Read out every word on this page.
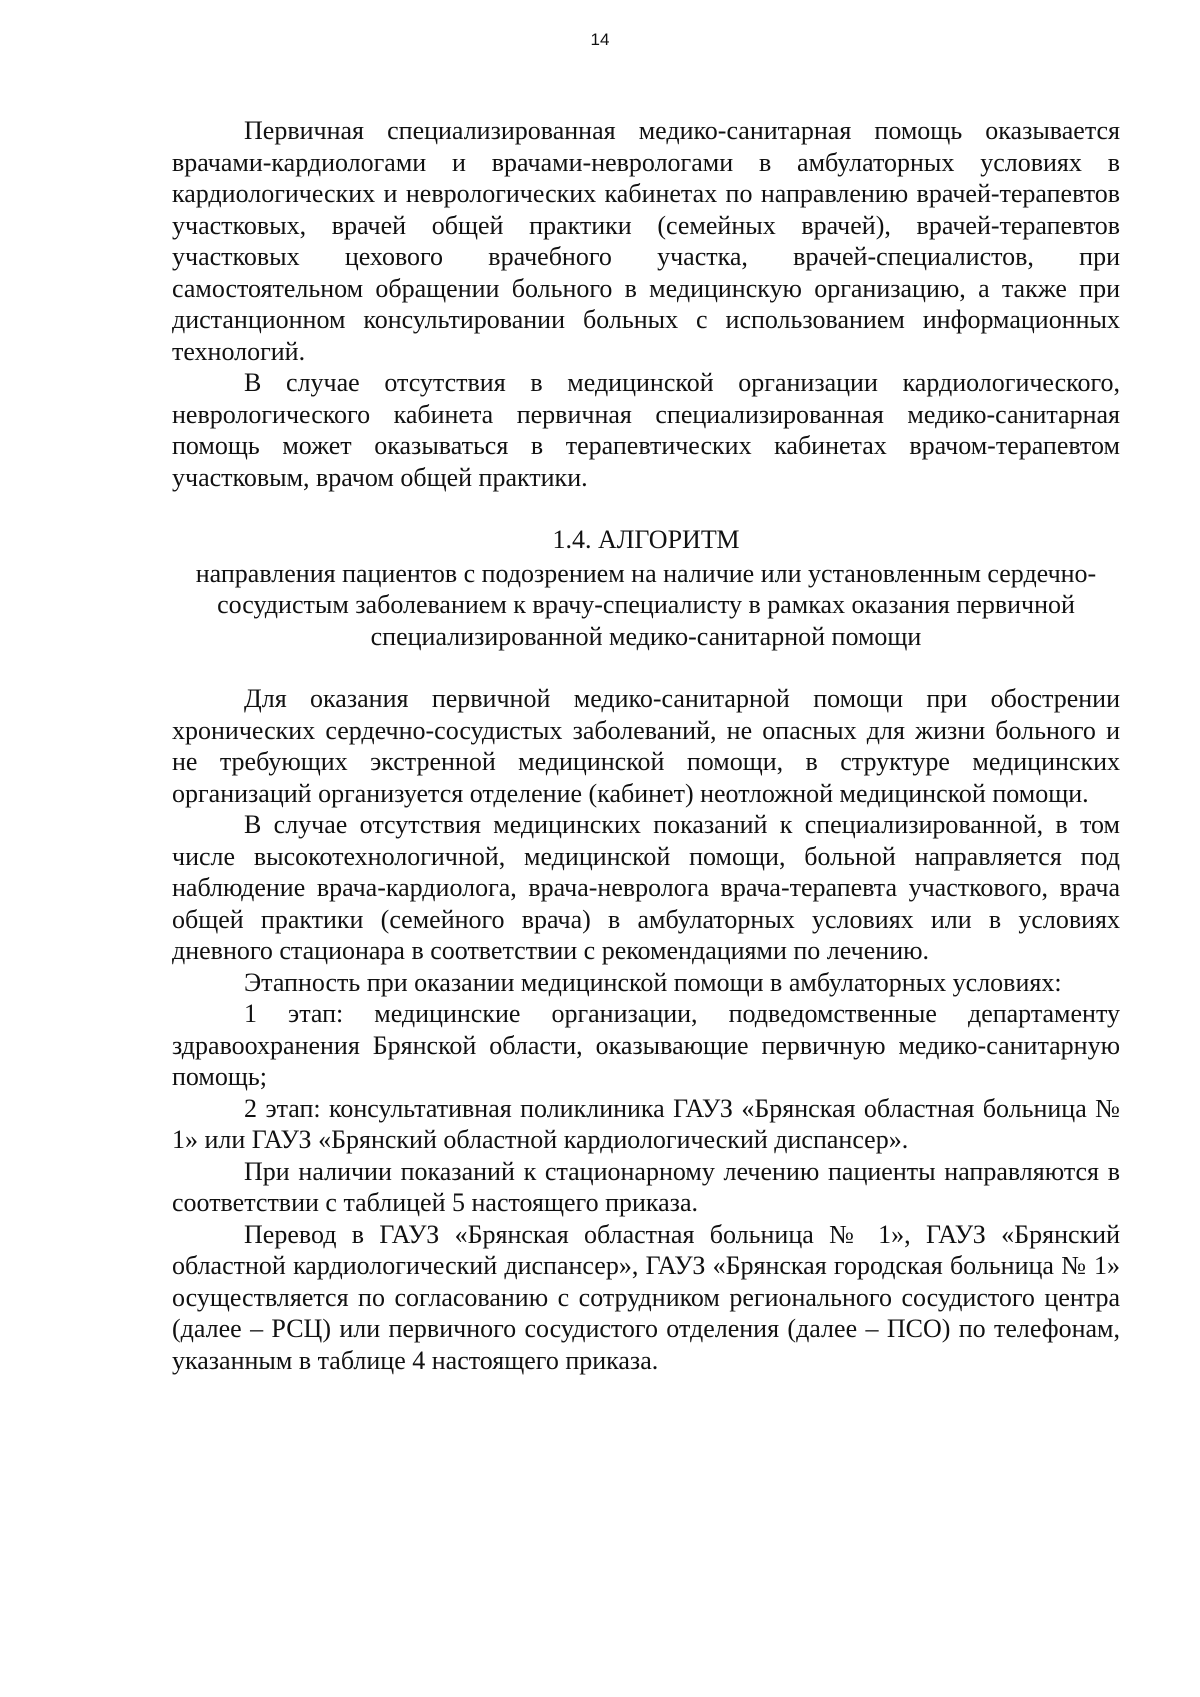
14

Первичная специализированная медико-санитарная помощь оказывается врачами-кардиологами и врачами-неврологами в амбулаторных условиях в кардиологических и неврологических кабинетах по направлению врачей-терапевтов участковых, врачей общей практики (семейных врачей), врачей-терапевтов участковых цехового врачебного участка, врачей-специалистов, при самостоятельном обращении больного в медицинскую организацию, а также при дистанционном консультировании больных с использованием информационных технологий.

В случае отсутствия в медицинской организации кардиологического, неврологического кабинета первичная специализированная медико-санитарная помощь может оказываться в терапевтических кабинетах врачом-терапевтом участковым, врачом общей практики.

1.4. АЛГОРИТМ
направления пациентов с подозрением на наличие или установленным сердечно-сосудистым заболеванием к врачу-специалисту в рамках оказания первичной специализированной медико-санитарной помощи

Для оказания первичной медико-санитарной помощи при обострении хронических сердечно-сосудистых заболеваний, не опасных для жизни больного и не требующих экстренной медицинской помощи, в структуре медицинских организаций организуется отделение (кабинет) неотложной медицинской помощи.

В случае отсутствия медицинских показаний к специализированной, в том числе высокотехнологичной, медицинской помощи, больной направляется под наблюдение врача-кардиолога, врача-невролога врача-терапевта участкового, врача общей практики (семейного врача) в амбулаторных условиях или в условиях дневного стационара в соответствии с рекомендациями по лечению.

Этапность при оказании медицинской помощи в амбулаторных условиях:

1 этап: медицинские организации, подведомственные департаменту здравоохранения Брянской области, оказывающие первичную медико-санитарную помощь;

2 этап: консультативная поликлиника ГАУЗ «Брянская областная больница № 1» или ГАУЗ «Брянский областной кардиологический диспансер».

При наличии показаний к стационарному лечению пациенты направляются в соответствии с таблицей 5 настоящего приказа.

Перевод в ГАУЗ «Брянская областная больница № 1», ГАУЗ «Брянский областной кардиологический диспансер», ГАУЗ «Брянская городская больница № 1» осуществляется по согласованию с сотрудником регионального сосудистого центра (далее – РСЦ) или первичного сосудистого отделения (далее – ПСО) по телефонам, указанным в таблице 4 настоящего приказа.
